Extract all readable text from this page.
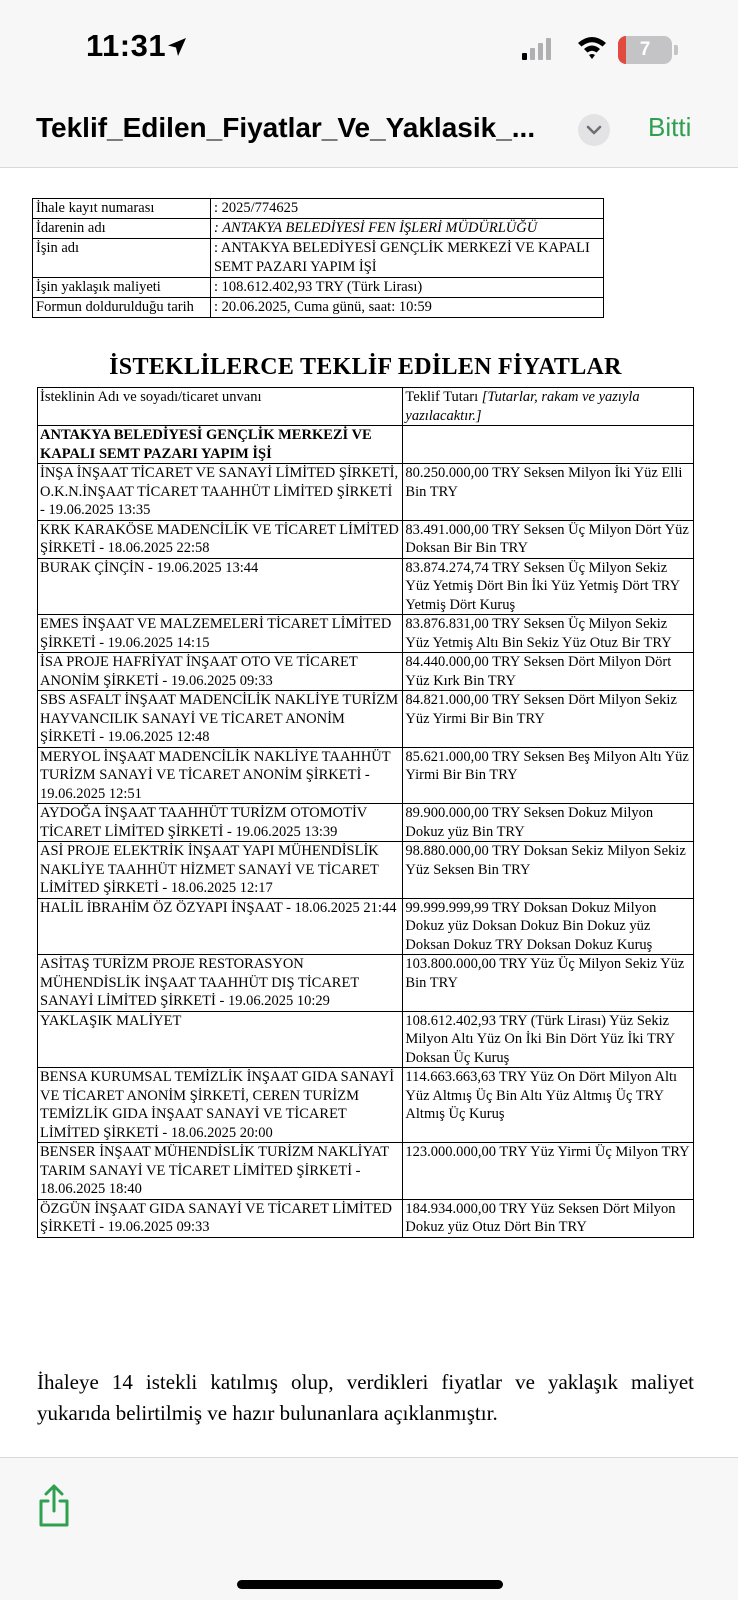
11:31	7
Teklif_Edilen_Fiyatlar_Ve_Yaklasik_...	Bitti
İhale kayıt numarası	: 2025/774625
İdarenin adı	: ANTAKYA BELEDİYESİ FEN İŞLERİ MÜDÜRLÜĞÜ
İşin adı	: ANTAKYA BELEDİYESİ GENÇLİK MERKEZİ VE KAPALI SEMT PAZARI YAPIM İŞİ
İşin yaklaşık maliyeti	: 108.612.402,93 TRY (Türk Lirası)
Formun doldurulduğu tarih	: 20.06.2025, Cuma günü, saat: 10:59
İSTEKLİLERCE TEKLİF EDİLEN FİYATLAR
İsteklinin Adı ve soyadı/ticaret unvanı	Teklif Tutarı [Tutarlar, rakam ve yazıyla yazılacaktır.]
ANTAKYA BELEDİYESİ GENÇLİK MERKEZİ VE KAPALI SEMT PAZARI YAPIM İŞİ	
İNŞA İNŞAAT TİCARET VE SANAYİ LİMİTED ŞİRKETİ, O.K.N.İNŞAAT TİCARET TAAHHÜT LİMİTED ŞİRKETİ - 19.06.2025 13:35	80.250.000,00 TRY Seksen Milyon İki Yüz Elli Bin TRY
KRK KARAKÖSE MADENCİLİK VE TİCARET LİMİTED ŞİRKETİ - 18.06.2025 22:58	83.491.000,00 TRY Seksen Üç Milyon Dört Yüz Doksan Bir Bin TRY
BURAK ÇİNÇİN - 19.06.2025 13:44	83.874.274,74 TRY Seksen Üç Milyon Sekiz Yüz Yetmiş Dört Bin İki Yüz Yetmiş Dört TRY Yetmiş Dört Kuruş
EMES İNŞAAT VE MALZEMELERİ TİCARET LİMİTED ŞİRKETİ - 19.06.2025 14:15	83.876.831,00 TRY Seksen Üç Milyon Sekiz Yüz Yetmiş Altı Bin Sekiz Yüz Otuz Bir TRY
İSA PROJE HAFRİYAT İNŞAAT OTO VE TİCARET ANONİM ŞİRKETİ - 19.06.2025 09:33	84.440.000,00 TRY Seksen Dört Milyon Dört Yüz Kırk Bin TRY
SBS ASFALT İNŞAAT MADENCİLİK NAKLİYE TURİZM HAYVANCILIK SANAYİ VE TİCARET ANONİM ŞİRKETİ - 19.06.2025 12:48	84.821.000,00 TRY Seksen Dört Milyon Sekiz Yüz Yirmi Bir Bin TRY
MERYOL İNŞAAT MADENCİLİK NAKLİYE TAAHHÜT TURİZM SANAYİ VE TİCARET ANONİM ŞİRKETİ - 19.06.2025 12:51	85.621.000,00 TRY Seksen Beş Milyon Altı Yüz Yirmi Bir Bin TRY
AYDOĞA İNŞAAT TAAHHÜT TURİZM OTOMOTİV TİCARET LİMİTED ŞİRKETİ - 19.06.2025 13:39	89.900.000,00 TRY Seksen Dokuz Milyon Dokuz yüz Bin TRY
ASİ PROJE ELEKTRİK İNŞAAT YAPI MÜHENDİSLİK NAKLİYE TAAHHÜT HİZMET SANAYİ VE TİCARET LİMİTED ŞİRKETİ - 18.06.2025 12:17	98.880.000,00 TRY Doksan Sekiz Milyon Sekiz Yüz Seksen Bin TRY
HALİL İBRAHİM ÖZ ÖZYAPI İNŞAAT - 18.06.2025 21:44	99.999.999,99 TRY Doksan Dokuz Milyon Dokuz yüz Doksan Dokuz Bin Dokuz yüz Doksan Dokuz TRY Doksan Dokuz Kuruş
ASİTAŞ TURİZM PROJE RESTORASYON MÜHENDİSLİK İNŞAAT TAAHHÜT DIŞ TİCARET SANAYİ LİMİTED ŞİRKETİ - 19.06.2025 10:29	103.800.000,00 TRY Yüz Üç Milyon Sekiz Yüz Bin TRY
YAKLAŞIK MALİYET	108.612.402,93 TRY (Türk Lirası) Yüz Sekiz Milyon Altı Yüz On İki Bin Dört Yüz İki TRY Doksan Üç Kuruş
BENSA KURUMSAL TEMİZLİK İNŞAAT GIDA SANAYİ VE TİCARET ANONİM ŞİRKETİ, CEREN TURİZM TEMİZLİK GIDA İNŞAAT SANAYİ VE TİCARET LİMİTED ŞİRKETİ - 18.06.2025 20:00	114.663.663,63 TRY Yüz On Dört Milyon Altı Yüz Altmış Üç Bin Altı Yüz Altmış Üç TRY Altmış Üç Kuruş
BENSER İNŞAAT MÜHENDİSLİK TURİZM NAKLİYAT TARIM SANAYİ VE TİCARET LİMİTED ŞİRKETİ - 18.06.2025 18:40	123.000.000,00 TRY Yüz Yirmi Üç Milyon TRY
ÖZGÜN İNŞAAT GIDA SANAYİ VE TİCARET LİMİTED ŞİRKETİ - 19.06.2025 09:33	184.934.000,00 TRY Yüz Seksen Dört Milyon Dokuz yüz Otuz Dört Bin TRY
İhaleye 14 istekli katılmış olup, verdikleri fiyatlar ve yaklaşık maliyet yukarıda belirtilmiş ve hazır bulunanlara açıklanmıştır.
